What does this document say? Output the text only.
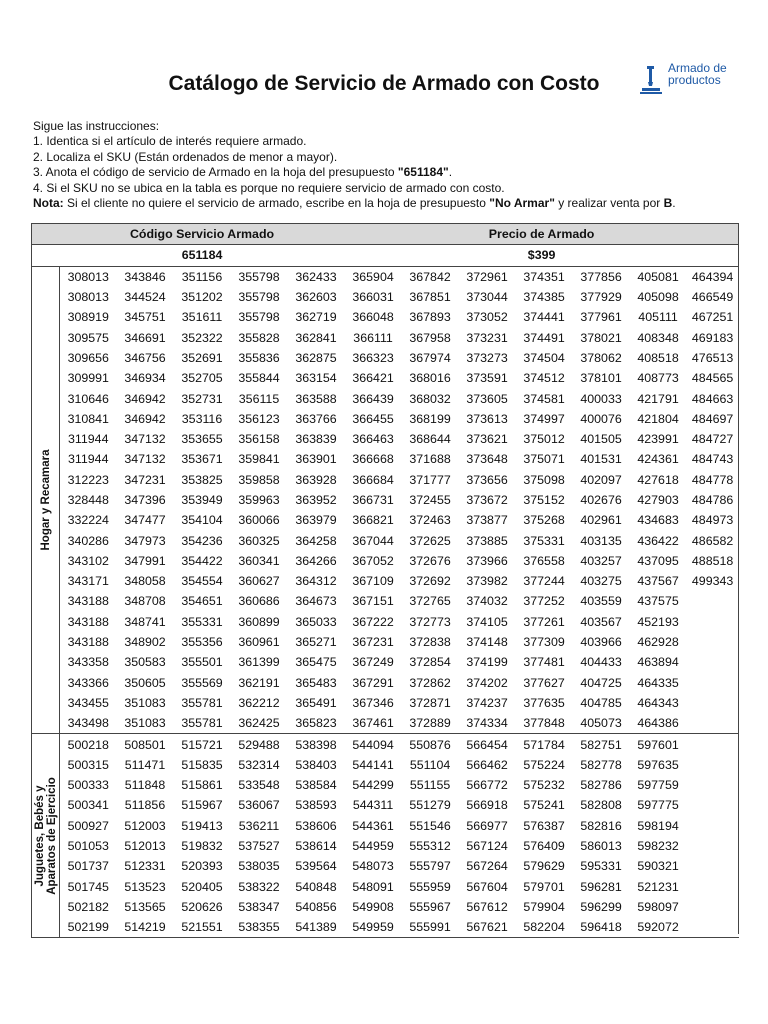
Catálogo de Servicio de Armado con Costo
Armado de
productos
Sigue las instrucciones:
1. Identica si el artículo de interés requiere armado.
2. Localiza el SKU (Están ordenados de menor a mayor).
3. Anota el código de servicio de Armado en la hoja del presupuesto "651184".
4. Si el SKU no se ubica en la tabla es porque no requiere servicio de armado con costo.
Nota: Si el cliente no quiere el servicio de armado, escribe en la hoja de presupuesto "No Armar" y realizar venta por B.
	Código Servicio Armado					Precio de Armado						
	651184					$399						

Hogar y Recamara	308013	343846	351156	355798	362433	365904	367842	372961	374351	377856	405081	464394
	308013	344524	351202	355798	362603	366031	367851	373044	374385	377929	405098	466549
	308919	345751	351611	355798	362719	366048	367893	373052	374441	377961	405111	467251
	309575	346691	352322	355828	362841	366111	367958	373231	374491	378021	408348	469183
	309656	346756	352691	355836	362875	366323	367974	373273	374504	378062	408518	476513
	309991	346934	352705	355844	363154	366421	368016	373591	374512	378101	408773	484565
	310646	346942	352731	356115	363588	366439	368032	373605	374581	400033	421791	484663
	310841	346942	353116	356123	363766	366455	368199	373613	374997	400076	421804	484697
	311944	347132	353655	356158	363839	366463	368644	373621	375012	401505	423991	484727
	311944	347132	353671	359841	363901	366668	371688	373648	375071	401531	424361	484743
	312223	347231	353825	359858	363928	366684	371777	373656	375098	402097	427618	484778
	328448	347396	353949	359963	363952	366731	372455	373672	375152	402676	427903	484786
	332224	347477	354104	360066	363979	366821	372463	373877	375268	402961	434683	484973
	340286	347973	354236	360325	364258	367044	372625	373885	375331	403135	436422	486582
	343102	347991	354422	360341	364266	367052	372676	373966	376558	403257	437095	488518
	343171	348058	354554	360627	364312	367109	372692	373982	377244	403275	437567	499343
	343188	348708	354651	360686	364673	367151	372765	374032	377252	403559	437575	
	343188	348741	355331	360899	365033	367222	372773	374105	377261	403567	452193	
	343188	348902	355356	360961	365271	367231	372838	374148	377309	403966	462928	
	343358	350583	355501	361399	365475	367249	372854	374199	377481	404433	463894	
	343366	350605	355569	362191	365483	367291	372862	374202	377627	404725	464335	
	343455	351083	355781	362212	365491	367346	372871	374237	377635	404785	464343	
	343498	351083	355781	362425	365823	367461	372889	374334	377848	405073	464386	

Juguetes, Bebés y Aparatos de Ejercicio	500218	508501	515721	529488	538398	544094	550876	566454	571784	582751	597601	
	500315	511471	515835	532314	538403	544141	551104	566462	575224	582778	597635	
	500333	511848	515861	533548	538584	544299	551155	566772	575232	582786	597759	
	500341	511856	515967	536067	538593	544311	551279	566918	575241	582808	597775	
	500927	512003	519413	536211	538606	544361	551546	566977	576387	582816	598194	
	501053	512013	519832	537527	538614	544959	555312	567124	576409	586013	598232	
	501737	512331	520393	538035	539564	548073	555797	567264	579629	595331	590321	
	501745	513523	520405	538322	540848	548091	555959	567604	579701	596281	521231	
	502182	513565	520626	538347	540856	549908	555967	567612	579904	596299	598097	
	502199	514219	521551	538355	541389	549959	555991	567621	582204	596418	592072	
